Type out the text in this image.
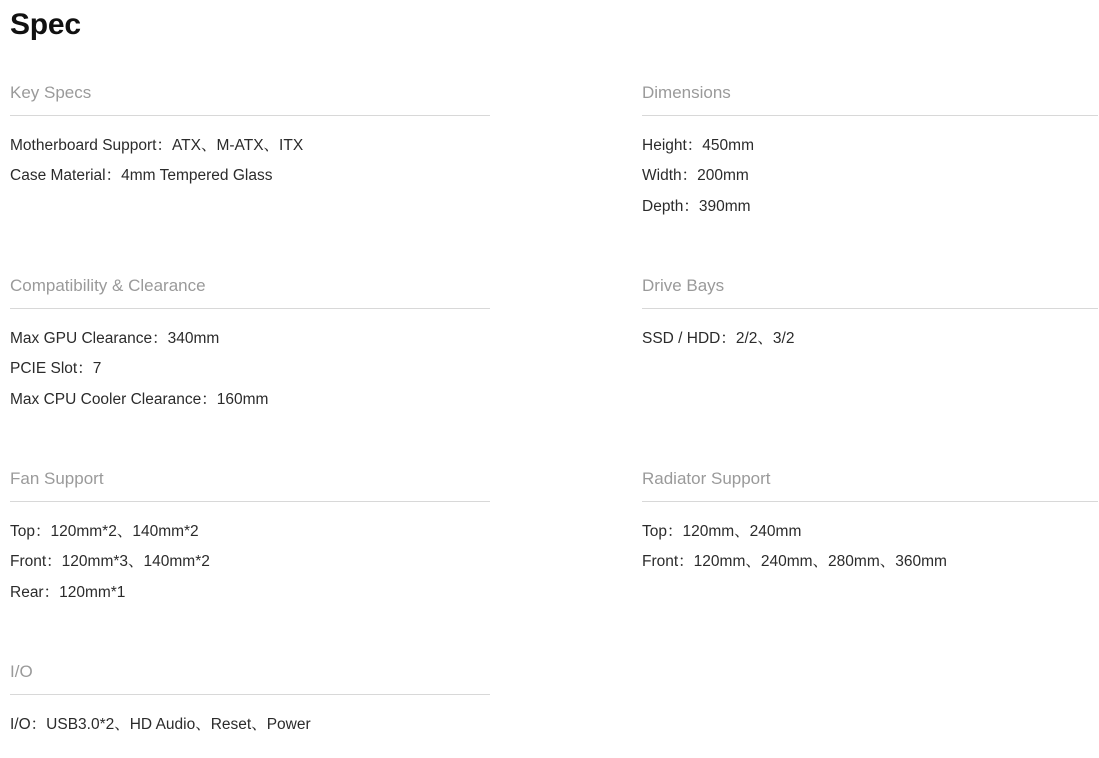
Spec
Key Specs
Motherboard Support：ATX、M-ATX、ITX
Case Material：4mm Tempered Glass
Compatibility & Clearance
Max GPU Clearance：340mm
PCIE Slot：7
Max CPU Cooler Clearance：160mm
Fan Support
Top：120mm*2、140mm*2
Front：120mm*3、140mm*2
Rear：120mm*1
I/O
I/O：USB3.0*2、HD Audio、Reset、Power
Dimensions
Height：450mm
Width：200mm
Depth：390mm
Drive Bays
SSD / HDD：2/2、3/2
Radiator Support
Top：120mm、240mm
Front：120mm、240mm、280mm、360mm
